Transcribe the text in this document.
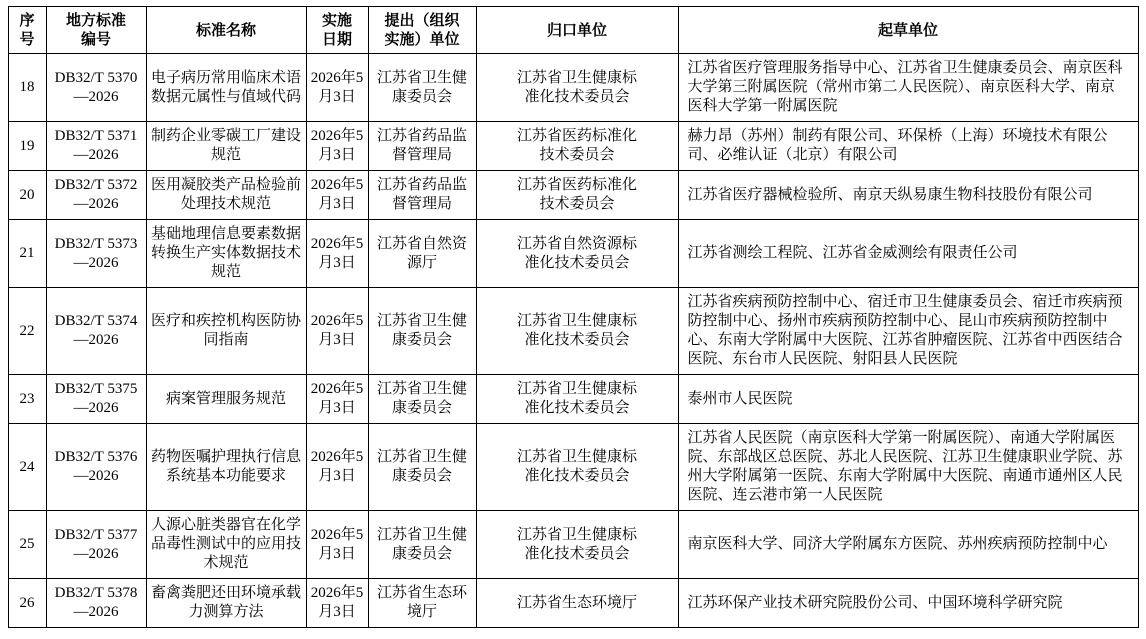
序号	地方标准编号	标准名称	实施日期	提出（组织实施）单位	归口单位	起草单位

18	DB32/T 5370—2026	电子病历常用临床术语数据元属性与值域代码	2026年5月3日	江苏省卫生健康委员会	江苏省卫生健康标准化技术委员会	江苏省医疗管理服务指导中心、江苏省卫生健康委员会、南京医科大学第三附属医院（常州市第二人民医院）、南京医科大学、南京医科大学第一附属医院

19	DB32/T 5371—2026	制药企业零碳工厂建设规范	2026年5月3日	江苏省药品监督管理局	江苏省医药标准化技术委员会	赫力昂（苏州）制药有限公司、环保桥（上海）环境技术有限公司、必维认证（北京）有限公司

20	DB32/T 5372—2026	医用凝胶类产品检验前处理技术规范	2026年5月3日	江苏省药品监督管理局	江苏省医药标准化技术委员会	江苏省医疗器械检验所、南京天纵易康生物科技股份有限公司

21	DB32/T 5373—2026	基础地理信息要素数据转换生产实体数据技术规范	2026年5月3日	江苏省自然资源厅	江苏省自然资源标准化技术委员会	江苏省测绘工程院、江苏省金威测绘有限责任公司

22	DB32/T 5374—2026	医疗和疾控机构医防协同指南	2026年5月3日	江苏省卫生健康委员会	江苏省卫生健康标准化技术委员会	江苏省疾病预防控制中心、宿迁市卫生健康委员会、宿迁市疾病预防控制中心、扬州市疾病预防控制中心、昆山市疾病预防控制中心、东南大学附属中大医院、江苏省肿瘤医院、江苏省中西医结合医院、东台市人民医院、射阳县人民医院

23	DB32/T 5375—2026	病案管理服务规范	2026年5月3日	江苏省卫生健康委员会	江苏省卫生健康标准化技术委员会	泰州市人民医院

24	DB32/T 5376—2026	药物医嘱护理执行信息系统基本功能要求	2026年5月3日	江苏省卫生健康委员会	江苏省卫生健康标准化技术委员会	江苏省人民医院（南京医科大学第一附属医院）、南通大学附属医院、东部战区总医院、苏北人民医院、江苏卫生健康职业学院、苏州大学附属第一医院、东南大学附属中大医院、南通市通州区人民医院、连云港市第一人民医院

25	DB32/T 5377—2026	人源心脏类器官在化学品毒性测试中的应用技术规范	2026年5月3日	江苏省卫生健康委员会	江苏省卫生健康标准化技术委员会	南京医科大学、同济大学附属东方医院、苏州疾病预防控制中心

26	DB32/T 5378—2026	畜禽粪肥还田环境承载力测算方法	2026年5月3日	江苏省生态环境厅	江苏省生态环境厅	江苏环保产业技术研究院股份公司、中国环境科学研究院
